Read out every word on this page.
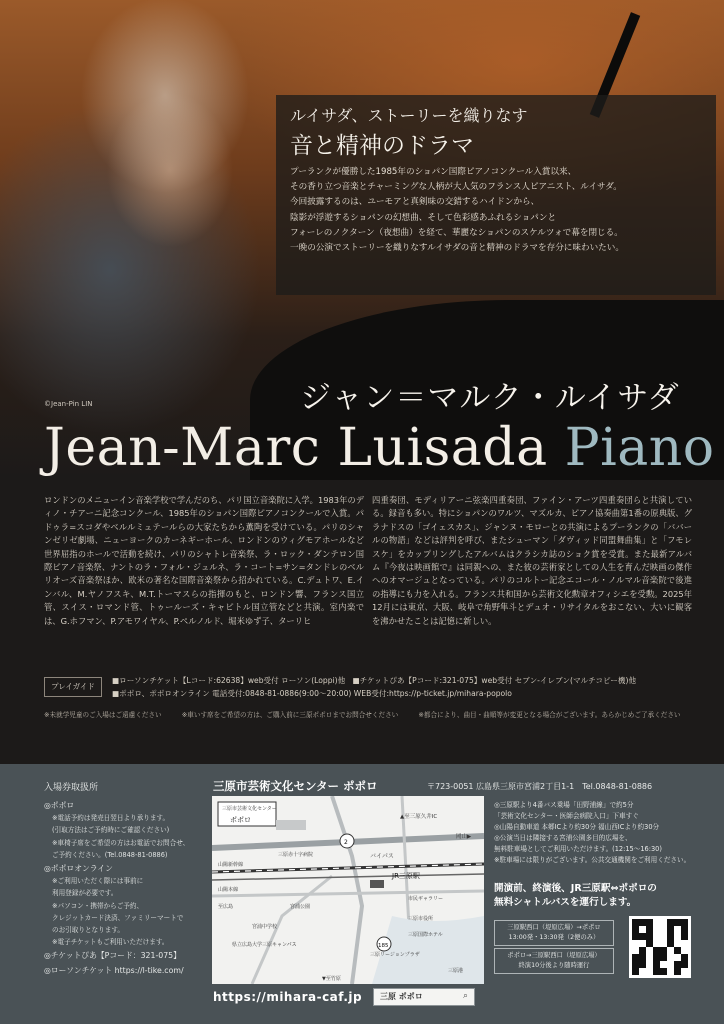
©Jean-Pin LIN
ルイサダ、ストーリーを織りなす
音と精神のドラマ

プーランクが優勝した1985年のショパン国際ピアノコンクール入賞以来、

その香り立つ音楽とチャーミングな人柄が大人気のフランス人ピアニスト、ルイサダ。

今回披露するのは、ユーモアと真剣味の交錯するハイドンから、

陰影が浮遊するショパンの幻想曲、そして色彩感あふれるショパンと

フォーレのノクターン（夜想曲）を経て、華麗なショパンのスケルツォで幕を閉じる。

一晩の公演でストーリーを織りなすルイサダの音と精神のドラマを存分に味わいたい。

ジャン＝マルク・ルイサダ
Jean-Marc Luisada Piano
ロンドンのメニューイン音楽学校で学んだのち、パリ国立音楽院に入学。1983年のディノ・チアーニ記念コンクール、1985年のショパン国際ピアノコンクールで入賞。パドゥラ=スコダやベルルミュテールらの大家たちから薫陶を受けている。パリのシャンゼリゼ劇場、ニューヨークのカーネギーホール、ロンドンのウィグモアホールなど世界屈指のホールで活動を続け、パリのシャトレ音楽祭、ラ・ロック・ダンテロン国際ピアノ音楽祭、ナントのラ・フォル・ジュルネ、ラ・コート=サン=タンドレのベルリオーズ音楽祭ほか、欧米の著名な国際音楽祭から招かれている。C.デュトワ、E.インバル、M.ヤノフスキ、M.T.トーマスらの指揮のもと、ロンドン響、フランス国立管、スイス・ロマンド管、トゥールーズ・キャピトル国立管などと共演。室内楽では、G.ホフマン、P.アモワイヤル、P.ペルノルド、堀米ゆず子、ターリヒ
四重奏団、モディリアーニ弦楽四重奏団、ファイン・アーツ四重奏団らと共演している。録音も多い。特にショパンのワルツ、マズルカ、ピアノ協奏曲第1番の原典版、グラナドスの「ゴイェスカス」、ジャンヌ・モローとの共演によるプーランクの「ババールの物語」などは評判を呼び、またシューマン「ダヴィッド同盟舞曲集」と「フモレスケ」をカップリングしたアルバムはクラシカ誌のショク賞を受賞。また最新アルバム『今夜は映画館で』は同親への、また彼の芸術家としての人生を育んだ映画の傑作へのオマージュとなっている。パリのコルトー記念エコール・ノルマル音楽院で後進の指導にも力を入れる。フランス共和国から芸術文化勲章オフィシエを受勲。2025年12月には東京、大阪、岐阜で角野隼斗とデュオ・リサイタルをおこない、大いに観客を沸かせたことは記憶に新しい。
プレイガイド
■ローソンチケット【Lコード:62638】web受付 ローソン(Loppi)他 ■チケットぴあ【Pコード:321-075】web受付 セブン-イレブン(マルチコピー機)他
■ポポロ、ポポロオンライン 電話受付:0848-81-0886(9:00〜20:00) WEB受付:https://p-ticket.jp/mihara-popolo
※未就学児童のご入場はご遠慮ください	※車いす席をご希望の方は、ご購入前に三原ポポロまでお問合せください	※都合により、曲目・曲順等が変更となる場合がございます。あらかじめご了承ください
入場券取扱所

◎ポポロ

※電話予約は発売日翌日より承ります。

(引取方法はご予約時にご確認ください)

※車椅子席をご希望の方はお電話でお問合せ、

ご予約ください。(Tel.0848-81-0886)

◎ポポロオンライン

※ご利用いただく際には事前に

利用登録が必要です。

※パソコン・携帯からご予約、

クレジットカード決済、ファミリーマートで

のお引取りとなります。

※電子チケットもご利用いただけます。

◎チケットぴあ【Pコード：321-075】

◎ローソンチケット https://l-tike.com/

三原市芸術文化センター ポポロ	〒723-0051 広島県三原市宮浦2丁目1-1　Tel.0848-81-0886
三原市芸術文化センター
ポポロ
2
185
バイパス
▲至三原久井IC
岡山▶
JR三原駅
山陽新幹線
山陽本線
至広島
▼至竹原
三原赤十字病院
市民ギャラリー
宮浦中学校
県立広島大学三原キャンパス
三原市役所
宮浦公園
三原国際ホテル
三原リージョンプラザ
三原港
https://mihara-caf.jp 三原 ポポロ	⌕

◎三原駅より4番バス乗場「田野浦線」で約5分

「芸術文化センター・医師会病院入口」下車すぐ

◎山陽自動車道 本郷ICより約30分 福山西ICより約30分

◎公演当日は隣接する宮浦公園多目的広場を、

無料駐車場としてご利用いただけます。(12:15〜16:30)

※駐車場には限りがございます。公共交通機関をご利用ください。

開演前、終演後、JR三原駅⇔ポポロの
無料シャトルバスを運行します。
三原駅西口（堤原広場）→ポポロ
13:00発・13:30発（2便のみ）
ポポロ→三原駅西口（堤原広場）
終演10分後より随時運行
